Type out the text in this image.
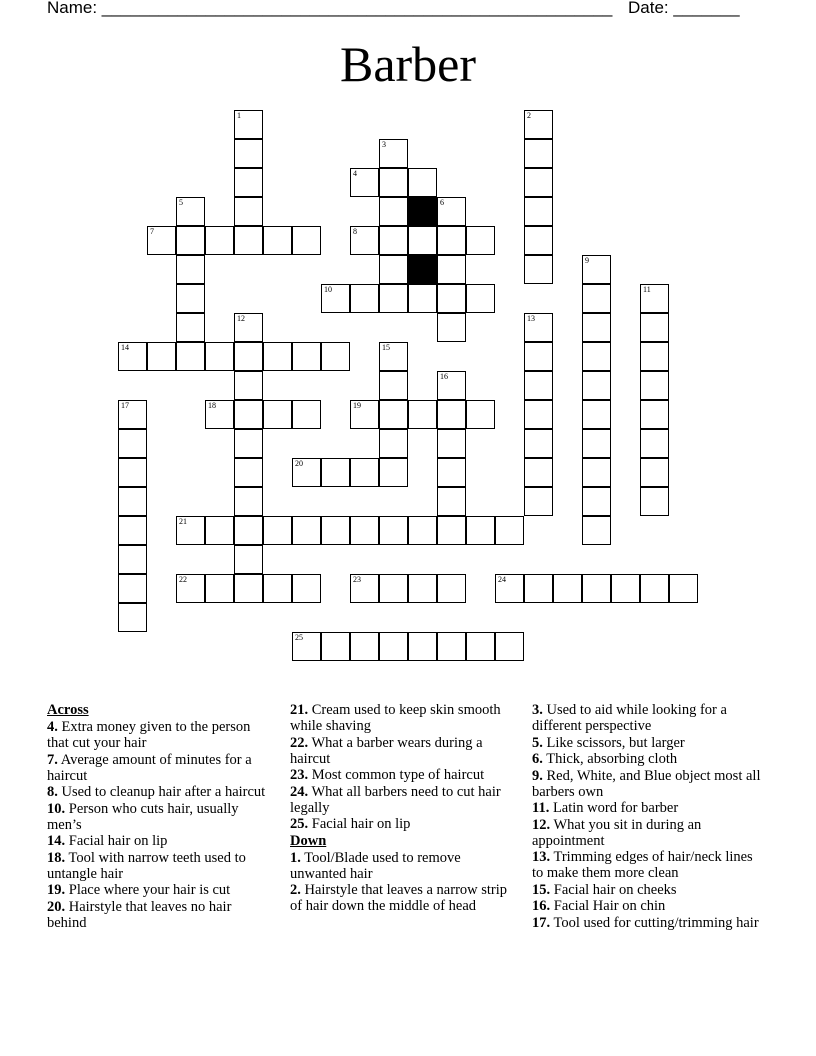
Name: ______________________________________________________ Date: _______
Barber
1	2
3
4
5	6
7	8
9
10	11
12	13
14	15
16
17	18	19
20
21
22	23	24
25
Across
4. Extra money given to the person that cut your hair
7. Average amount of minutes for a haircut
8. Used to cleanup hair after a haircut
10. Person who cuts hair, usually men’s
14. Facial hair on lip
18. Tool with narrow teeth used to untangle hair
19. Place where your hair is cut
20. Hairstyle that leaves no hair behind
21. Cream used to keep skin smooth while shaving
22. What a barber wears during a haircut
23. Most common type of haircut
24. What all barbers need to cut hair legally
25. Facial hair on lip
Down
1. Tool/Blade used to remove unwanted hair
2. Hairstyle that leaves a narrow strip of hair down the middle of head
3. Used to aid while looking for a different perspective
5. Like scissors, but larger
6. Thick, absorbing cloth
9. Red, White, and Blue object most all barbers own
11. Latin word for barber
12. What you sit in during an appointment
13. Trimming edges of hair/neck lines to make them more clean
15. Facial hair on cheeks
16. Facial Hair on chin
17. Tool used for cutting/trimming hair
